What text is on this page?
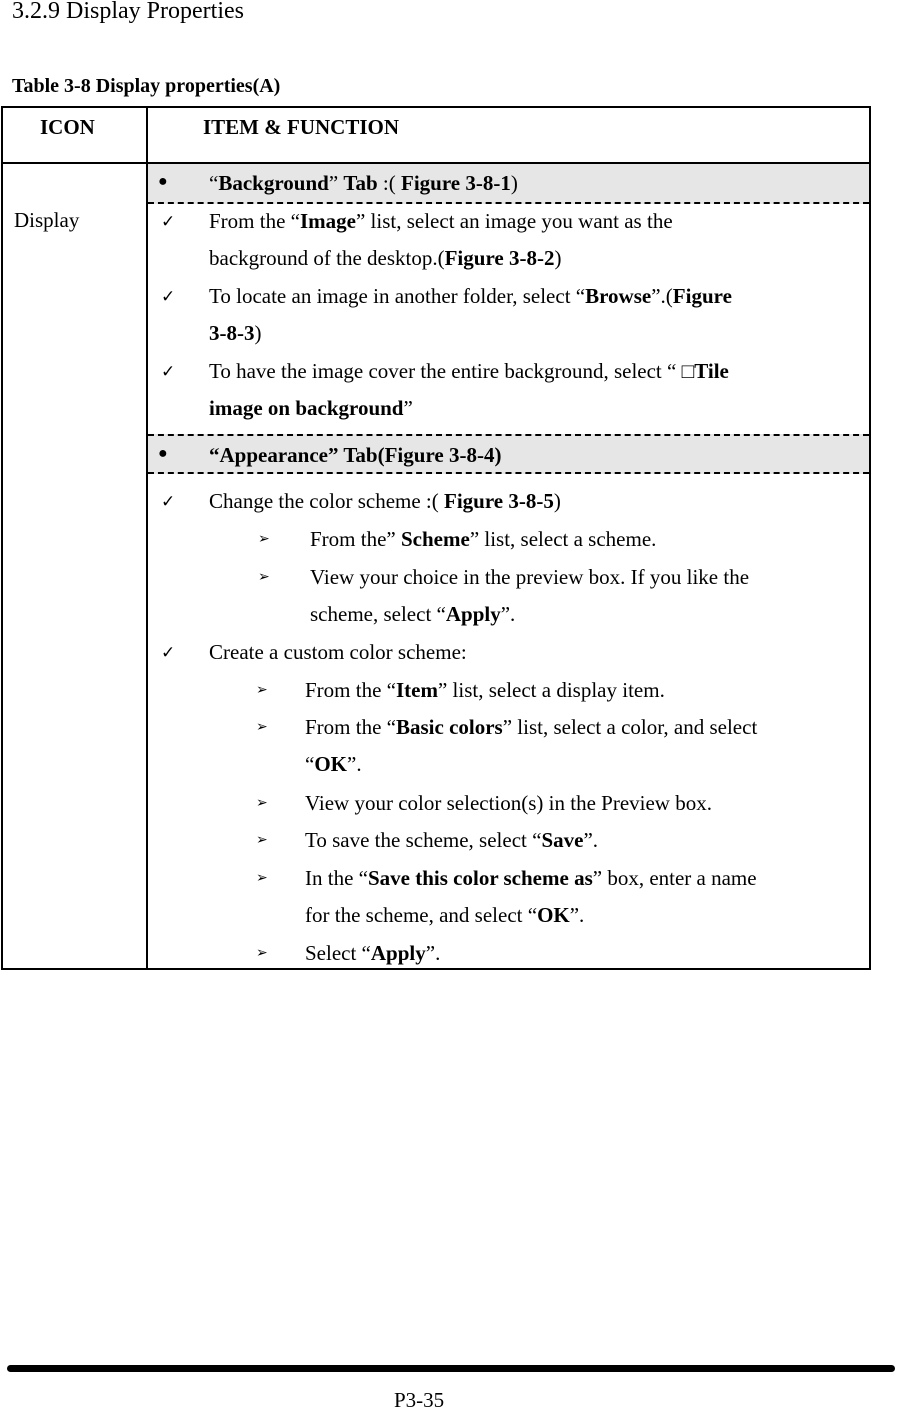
3.2.9 Display Properties
Table 3-8 Display properties(A)
ICON	ITEM & FUNCTION
Display
● “Background” Tab :( Figure 3-8-1)
✓ From the “Image” list, select an image you want as the
background of the desktop.(Figure 3-8-2)
✓ To locate an image in another folder, select “Browse”.(Figure
3-8-3)
✓ To have the image cover the entire background, select “ □Tile
image on background”
● “Appearance” Tab(Figure 3-8-4)
✓ Change the color scheme :( Figure 3-8-5)
➢ From the” Scheme” list, select a scheme.
➢ View your choice in the preview box. If you like the
scheme, select “Apply”.
✓ Create a custom color scheme:
➢ From the “Item” list, select a display item.
➢ From the “Basic colors” list, select a color, and select
“OK”.
➢ View your color selection(s) in the Preview box.
➢ To save the scheme, select “Save”.
➢ In the “Save this color scheme as” box, enter a name
for the scheme, and select “OK”.
➢ Select “Apply”.
P3-35
